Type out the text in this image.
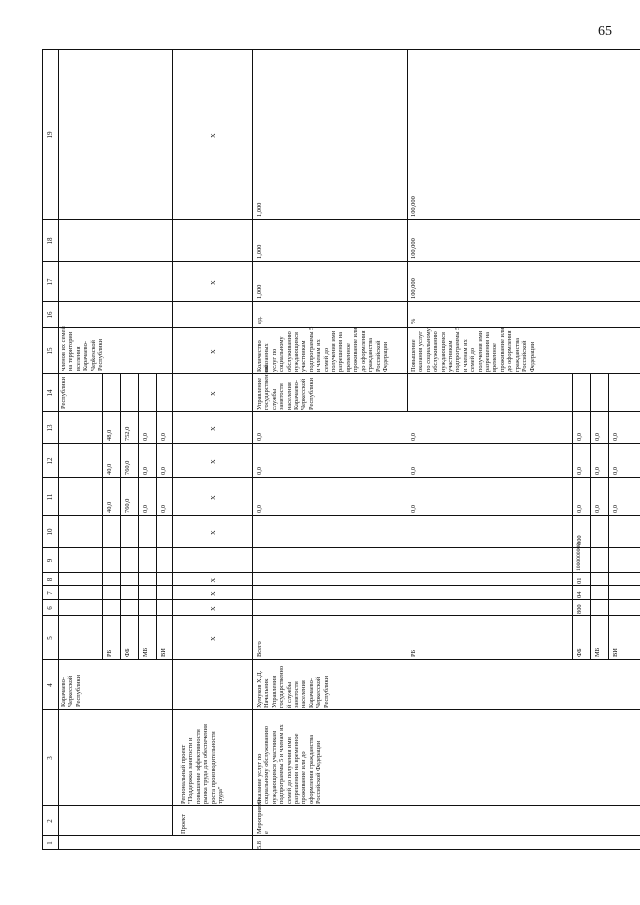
65
1
2
3
4
5
6
7
8
9
10
11
12
13
14
15
16
17
18
19
Карачаево-
Черкесской
Республики
Республики
членов их семей
на территории
вселения
Карачаево-
Черkesской
Республики
РБ
40,0
40,0
48,0
ФБ
760,0
760,0
752,0
МБ
0,0
0,0
0,0
ВИ
0,0
0,0
0,0
Проект
Региональный проект
"Поддержка занятости и
повышение эффективности
рынка труда для обеспечения
роста производительности
труда"
X
X
X
X
X
X
X
X
X
X
X
X
5.8
Мероприяти
е
Оказание услуг по
социальному обслуживанию
нуждающимся участникам
подпрограммы 5 и членам их
семей до получения ими
разрешения на временное
проживание или до
оформления гражданства
Российской Федерации
Хумуков Х.Д.
Начальник
Управления
государственно
й службы
занятости
населения
Карачаево-
Черкесской
Республики
Всего
0,0
0,0
0,0
Управление
государственной
службы
занятости
населения
Карачаево-
Черкесской
Республики
Количество
оказанных
услуг по
социальному
обслуживанию
нуждающимся
участникам
подпрограммы 5
и членам их
семей до
получения ими
разрешения на
временное
проживание или
до оформления
гражданства
Российской
Федерации
ед.
1,000
1,000
1,000
Повышение
оказания услуг
по социальному
обслуживанию
нуждающимся
участникам
подпрограммы 5
и членам их
семей до
получения ими
разрешения на
временное
проживание или
до оформления
гражданства
Российской
Федерации
%
100,000
100,000
100,000
РБ
0,0
0,0
0,0
ФБ
0,0
0,0
0,0
МБ
0,0
0,0
0,0
ВИ
0,0
0,0
0,0
800
04
01
1000000000
000
